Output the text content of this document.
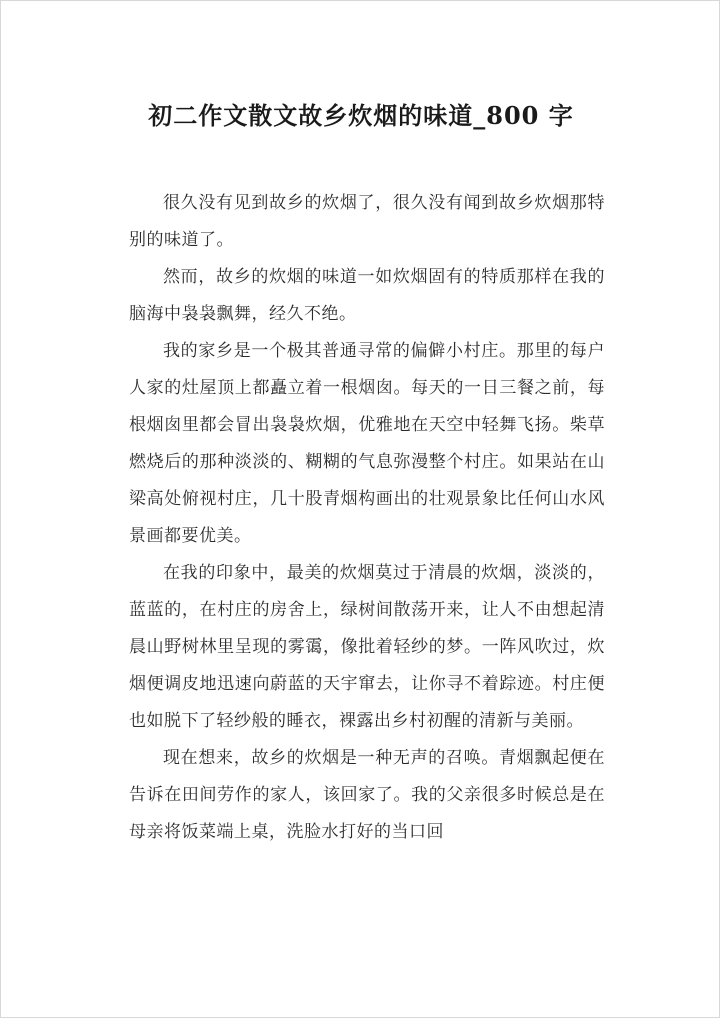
初二作文散文故乡炊烟的味道_800 字

很久没有见到故乡的炊烟了，很久没有闻到故乡炊烟那特别的味道了。

然而，故乡的炊烟的味道一如炊烟固有的特质那样在我的脑海中袅袅飘舞，经久不绝。

我的家乡是一个极其普通寻常的偏僻小村庄。那里的每户人家的灶屋顶上都矗立着一根烟囱。每天的一日三餐之前，每根烟囱里都会冒出袅袅炊烟，优雅地在天空中轻舞飞扬。柴草燃烧后的那种淡淡的、糊糊的气息弥漫整个村庄。如果站在山梁高处俯视村庄，几十股青烟构画出的壮观景象比任何山水风景画都要优美。

在我的印象中，最美的炊烟莫过于清晨的炊烟，淡淡的，蓝蓝的，在村庄的房舍上，绿树间散荡开来，让人不由想起清晨山野树林里呈现的雾霭，像批着轻纱的梦。一阵风吹过，炊烟便调皮地迅速向蔚蓝的天宇窜去，让你寻不着踪迹。村庄便也如脱下了轻纱般的睡衣，裸露出乡村初醒的清新与美丽。

现在想来，故乡的炊烟是一种无声的召唤。青烟飘起便在告诉在田间劳作的家人，该回家了。我的父亲很多时候总是在母亲将饭菜端上桌，洗脸水打好的当口回
